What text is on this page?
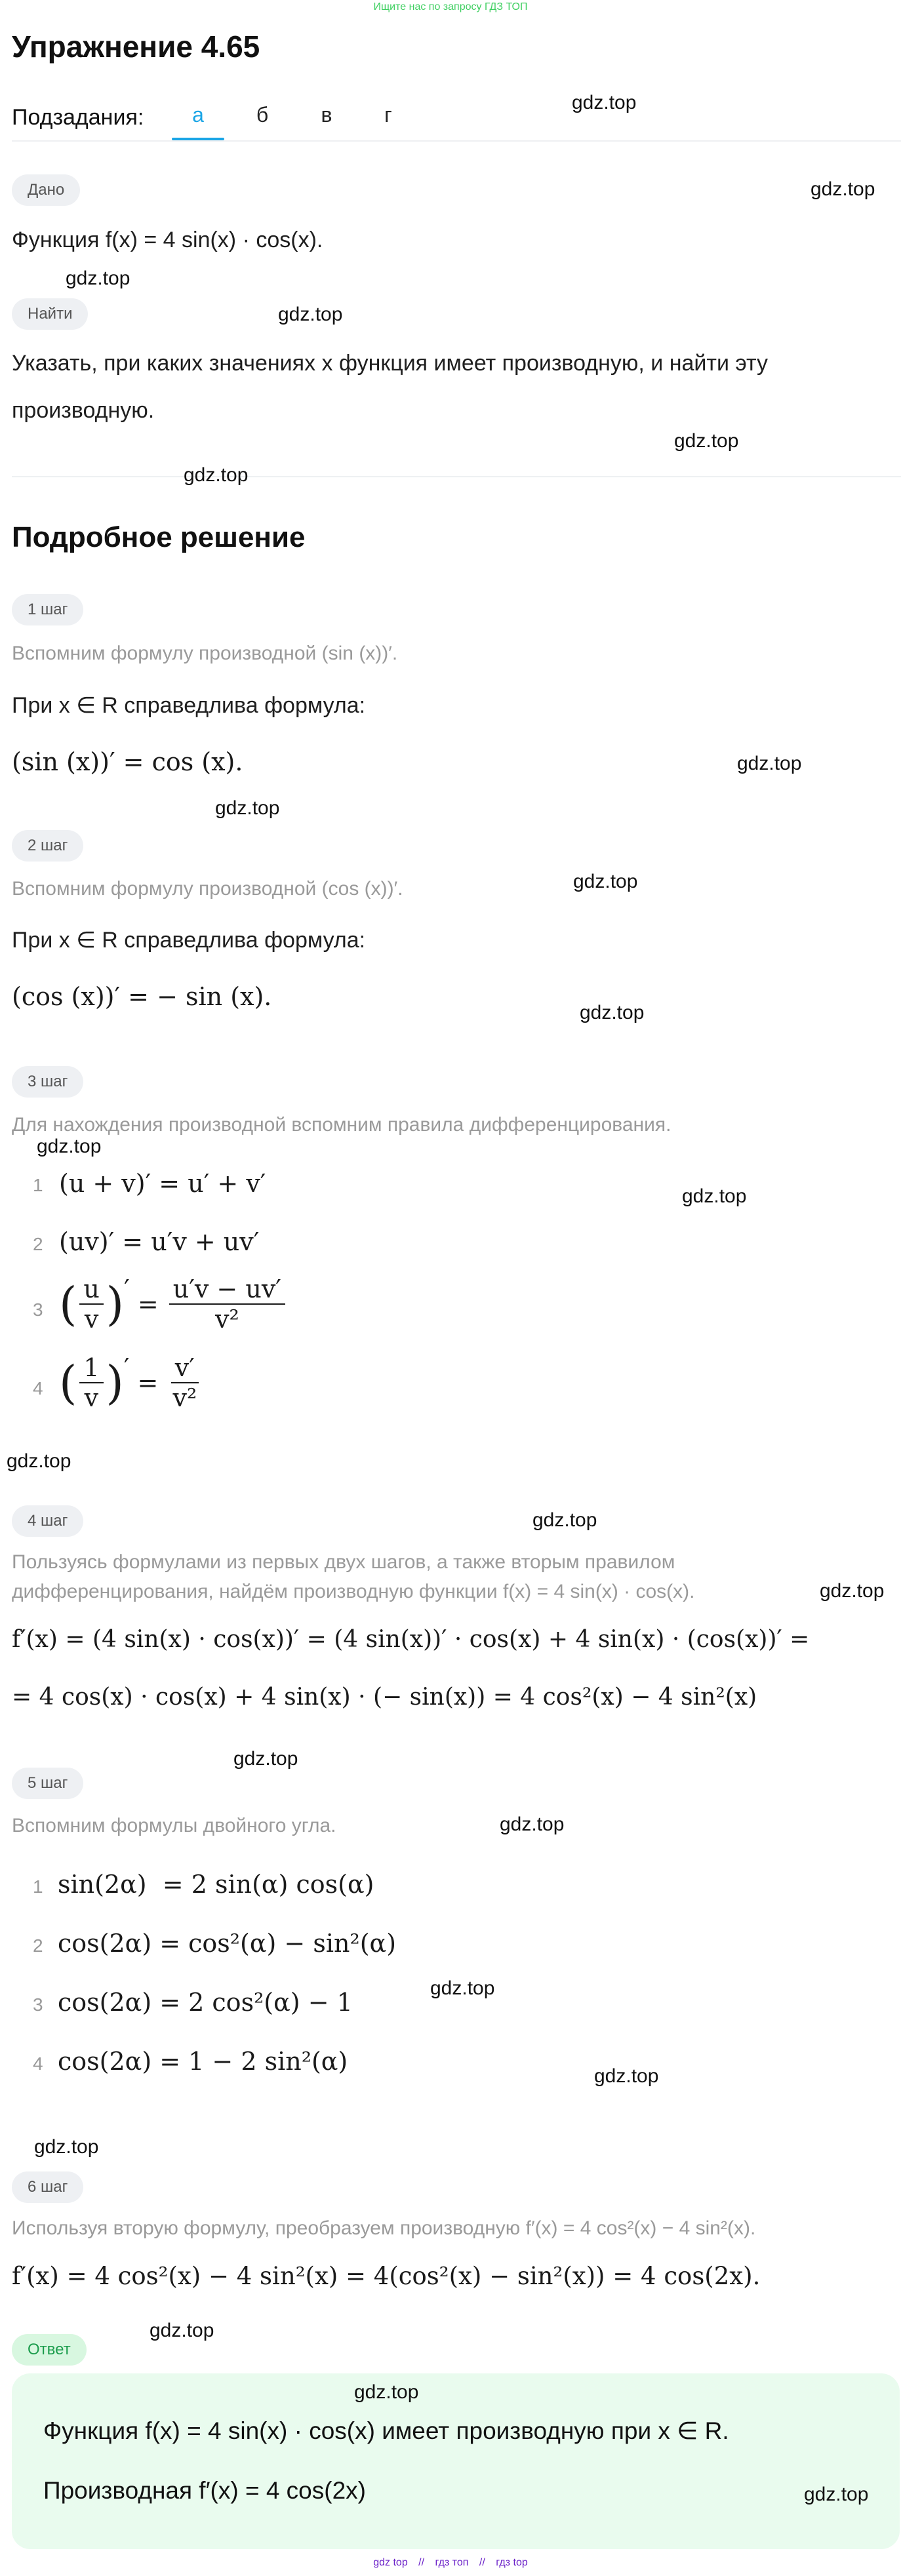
Ищите нас по запросу ГДЗ ТОП
Упражнение 4.65
Подзадания:	а	б	в	г
Дано
Функция f(x) = 4 sin(x) · cos(x).
Найти
Указать, при каких значениях x функция имеет производную, и найти эту
производную.
Подробное решение
1 шаг
Вспомним формулу производной (sin (x))′.
При x ∈ R справедлива формула:
(sin (x))′ = cos (x).
2 шаг
Вспомним формулу производной (cos (x))′.
При x ∈ R справедлива формула:
(cos (x))′ = − sin (x).
3 шаг
Для нахождения производной вспомним правила дифференцирования.
1 (u + v)′ = u′ + v′
2 (uv)′ = u′v + uv′
3 ( $\frac{u}{v}$ )′ = $\frac{u'v - uv'}{\text{v²}}$
4 ( $\frac{1}{v}$ )′ = $\frac{v'}{\text{v²}}$
4 шаг
Пользуясь формулами из первых двух шагов, а также вторым правилом
дифференцирования, найдём производную функции f(x) = 4 sin(x) · cos(x).
f′(x) = (4 sin(x) · cos(x))′ = (4 sin(x))′ · cos(x) + 4 sin(x) · (cos(x))′ =
= 4 cos(x) · cos(x) + 4 sin(x) · (− sin(x)) = 4 cos²(x) − 4 sin²(x)
5 шаг
Вспомним формулы двойного угла.
1 sin(2α)  = 2 sin(α) cos(α)
2 cos(2α) = cos²(α) − sin²(α)
3 cos(2α) = 2 cos²(α) − 1
4 cos(2α) = 1 − 2 sin²(α)
6 шаг
Используя вторую формулу, преобразуем производную f′(x) = 4 cos²(x) − 4 sin²(x).
f′(x) = 4 cos²(x) − 4 sin²(x) = 4(cos²(x) − sin²(x)) = 4 cos(2x).
Ответ
Функция f(x) = 4 sin(x) · cos(x) имеет производную при x ∈ R.
Производная f′(x) = 4 cos(2x)
gdz.top
gdz.top
gdz.top
gdz.top
gdz.top
gdz.top
gdz.top
gdz.top
gdz.top
gdz.top
gdz.top
gdz.top
gdz.top
gdz.top
gdz.top
gdz.top
gdz.top
gdz.top
gdz.top
gdz.top
gdz.top
gdz.top
gdz.top
gdz top // гдз топ // гдз top
